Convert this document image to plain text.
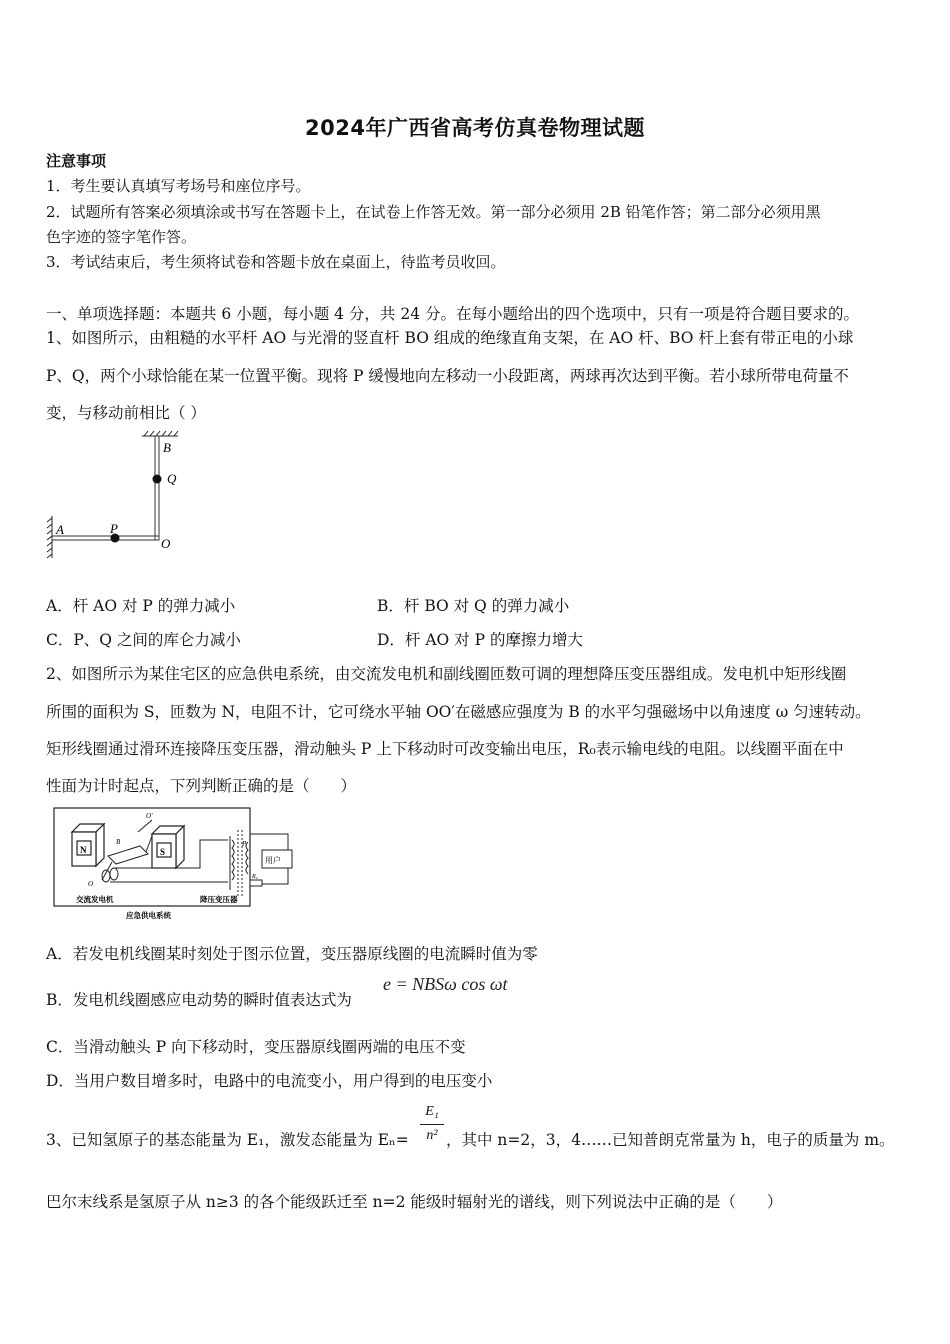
2024年广西省高考仿真卷物理试题
注意事项
1．考生要认真填写考场号和座位序号。
2．试题所有答案必须填涂或书写在答题卡上，在试卷上作答无效。第一部分必须用 2B 铅笔作答；第二部分必须用黑
色字迹的签字笔作答。
3．考试结束后，考生须将试卷和答题卡放在桌面上，待监考员收回。
一、单项选择题：本题共 6 小题，每小题 4 分，共 24 分。在每小题给出的四个选项中，只有一项是符合题目要求的。
1、如图所示，由粗糙的水平杆 AO 与光滑的竖直杆 BO 组成的绝缘直角支架，在 AO 杆、BO 杆上套有带正电的小球
P、Q，两个小球恰能在某一位置平衡。现将 P 缓慢地向左移动一小段距离，两球再次达到平衡。若小球所带电荷量不
变，与移动前相比（ ）
B
Q
A	P
O
A．杆 AO 对 P 的弹力减小	B．杆 BO 对 Q 的弹力减小
C．P、Q 之间的库仑力减小	D．杆 AO 对 P 的摩擦力增大
2、如图所示为某住宅区的应急供电系统，由交流发电机和副线圈匝数可调的理想降压变压器组成。发电机中矩形线圈
所围的面积为 S，匝数为 N，电阻不计，它可绕水平轴 OO′在磁感应强度为 B 的水平匀强磁场中以角速度 ω 匀速转动。
矩形线圈通过滑环连接降压变压器，滑动触头 P 上下移动时可改变输出电压，R₀表示输电线的电阻。以线圈平面在中
性面为计时起点，下列判断正确的是（　　）
N	S
B
O′
O
P
用户
R₀
交流发电机	降压变压器
应急供电系统
A．若发电机线圈某时刻处于图示位置，变压器原线圈的电流瞬时值为零
B．发电机线圈感应电动势的瞬时值表达式为
e = NBSω cos ωt
C．当滑动触头 P 向下移动时，变压器原线圈两端的电压不变
D．当用户数目增多时，电路中的电流变小，用户得到的电压变小
3、已知氢原子的基态能量为 E₁，激发态能量为 Eₙ=
E₁
n² ，其中 n=2，3，4……已知普朗克常量为 h，电子的质量为 m。
巴尔末线系是氢原子从 n≥3 的各个能级跃迁至 n=2 能级时辐射光的谱线，则下列说法中正确的是（　　）
